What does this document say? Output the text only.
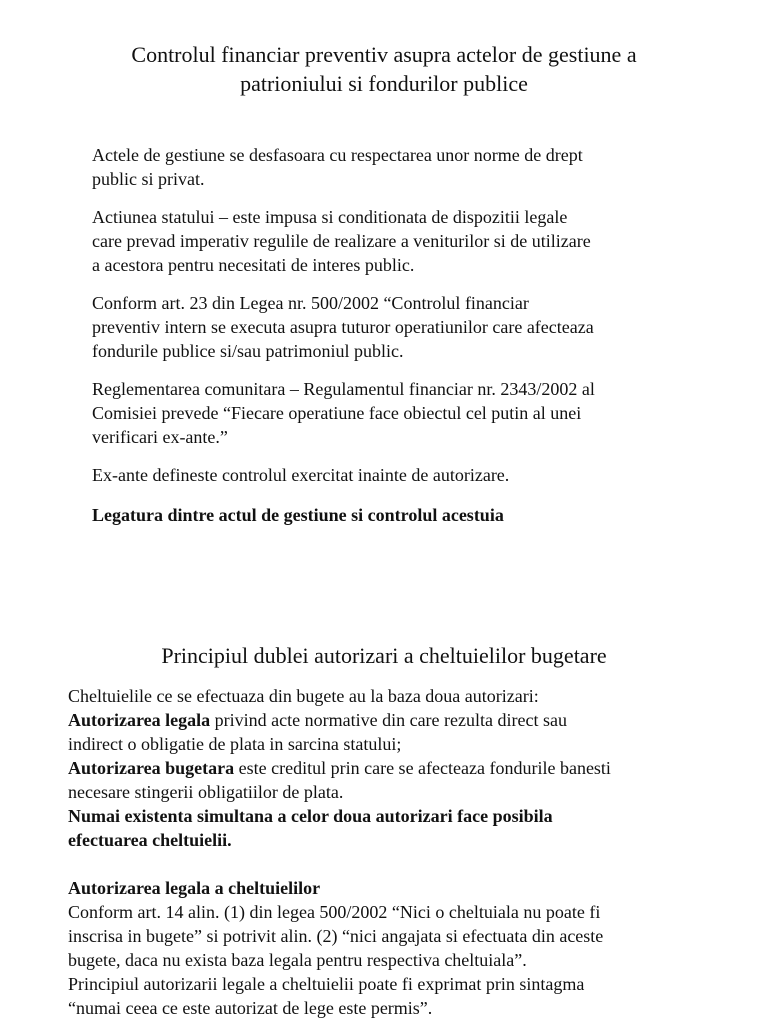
Controlul financiar preventiv asupra actelor de gestiune a
patrioniului si fondurilor publice

Actele de gestiune se desfasoara cu respectarea unor norme de drept
public si privat.

Actiunea statului – este impusa si conditionata de dispozitii legale
care prevad imperativ regulile de realizare a veniturilor si de utilizare
a acestora pentru necesitati de interes public.

Conform art. 23 din Legea nr. 500/2002 “Controlul financiar
preventiv intern se executa asupra tuturor operatiunilor care afecteaza
fondurile publice si/sau patrimoniul public.

Reglementarea comunitara – Regulamentul financiar nr. 2343/2002 al
Comisiei prevede “Fiecare operatiune face obiectul cel putin al unei
verificari ex-ante.”

Ex-ante defineste controlul exercitat inainte de autorizare.

Legatura dintre actul de gestiune si controlul acestuia

Principiul dublei autorizari a cheltuielilor bugetare

Cheltuielile ce se efectuaza din bugete au la baza doua autorizari:
Autorizarea legala privind acte normative din care rezulta direct sau
indirect o obligatie de plata in sarcina statului;
Autorizarea bugetara este creditul prin care se afecteaza fondurile banesti
necesare stingerii obligatiilor de plata.
Numai existenta simultana a celor doua autorizari face posibila
efectuarea cheltuielii.
Autorizarea legala a cheltuielilor
Conform art. 14 alin. (1) din legea 500/2002 “Nici o cheltuiala nu poate fi
inscrisa in bugete” si potrivit alin. (2) “nici angajata si efectuata din aceste
bugete, daca nu exista baza legala pentru respectiva cheltuiala”.
Principiul autorizarii legale a cheltuielii poate fi exprimat prin sintagma
“numai ceea ce este autorizat de lege este permis”.
